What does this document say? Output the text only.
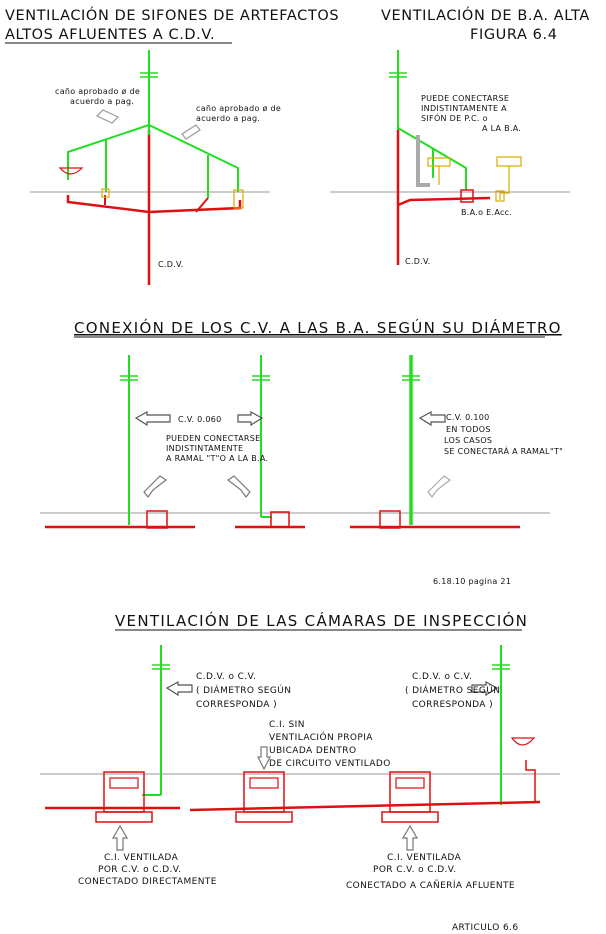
VENTILACIÓN DE SIFONES DE ARTEFACTOS
ALTOS AFLUENTES A C.D.V.
VENTILACIÓN DE B.A. ALTA
FIGURA 6.4
caño aprobado ø de
acuerdo a pag.
caño aprobado ø de
acuerdo a pag.
C.D.V.
PUEDE CONECTARSE
INDISTINTAMENTE A
SIFÓN DE P.C. o
A LA B.A.
B.A.o E.Acc.
C.D.V.
CONEXIÓN DE LOS C.V. A LAS B.A. SEGÚN SU DIÁMETRO
C.V. 0.060
PUEDEN CONECTARSE
INDISTINTAMENTE
A RAMAL "T"O A LA B.A.
C.V. 0.100
EN TODOS
LOS CASOS
SE CONECTARÁ A RAMAL "T"
6.18.10 pagina 21
VENTILACIÓN DE LAS CÁMARAS DE INSPECCIÓN
C.D.V. o C.V.
( DIÁMETRO SEGÚN
CORRESPONDA )
C.I. SIN
VENTILACIÓN PROPIA
UBICADA DENTRO
DE CIRCUITO VENTILADO
C.D.V. o C.V.
( DIÁMETRO SEGÚN
CORRESPONDA )
C.I. VENTILADA
POR C.V. o C.D.V.
CONECTADO DIRECTAMENTE
C.I. VENTILADA
POR C.V. o C.D.V.
CONECTADO A CAÑERÍA AFLUENTE
ARTICULO 6.6
